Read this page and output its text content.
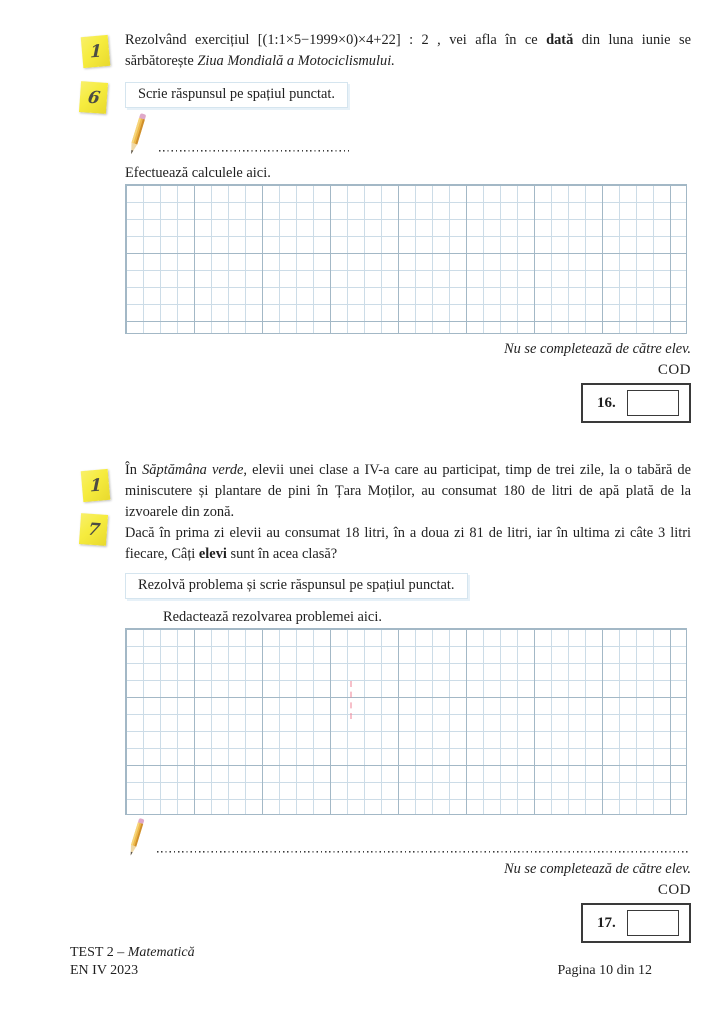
1
6
Rezolvând exercițiul [(1:1×5−1999×0)×4+22] : 2 , vei afla în ce dată din luna iunie se sărbătorește Ziua Mondială a Motociclismului.
Scrie răspunsul pe spațiul punctat.
Efectuează calculele aici.
Nu se completează de către elev.
COD
16.
1
7
În Săptămâna verde, elevii unei clase a IV-a care au participat, timp de trei zile, la o tabără de miniscutere și plantare de pini în Țara Moților, au consumat 180 de litri de apă plată de la izvoarele din zonă.
Dacă în prima zi elevii au consumat 18 litri, în a doua zi 81 de litri, iar în ultima zi câte 3 litri fiecare, Câți elevi sunt în acea clasă?
Rezolvă problema și scrie răspunsul pe spațiul punctat.
Redactează rezolvarea problemei aici.
Nu se completează de către elev.
COD
17.
TEST 2 – Matematică
EN IV 2023	Pagina 10 din 12
